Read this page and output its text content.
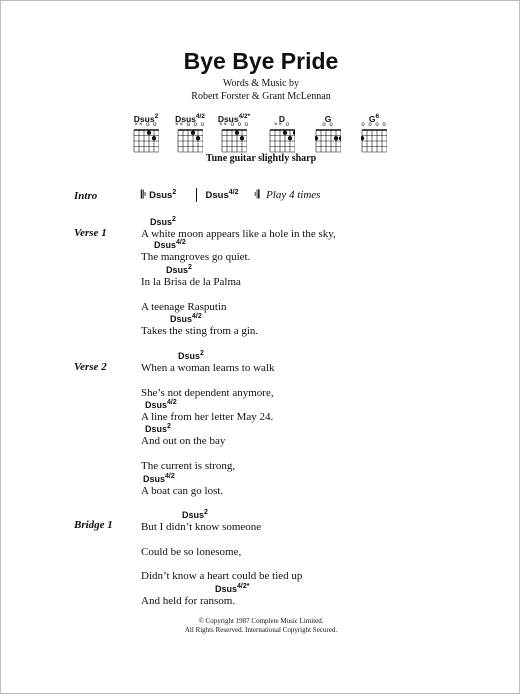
Bye Bye Pride
Words & Music by
Robert Forster & Grant McLennan
Dsus$^2$
×× o o
Dsus$^{4/2}$
×× o o o
Dsus$^{4/2*}$
×× o o o
D
×× o
G
o o
$G^6$
o o o o
Tune guitar slightly sharp
Intro
Verse 1
Verse 2
Bridge 1
𝄆 Dsus$^2$	Dsus$^{4/2}$ 𝄇 Play 4 times
Dsus$^2$
A white moon appears like a hole in the sky,
Dsus$^{4/2}$
The mangroves go quiet.
Dsus$^2$
In la Brisa de la Palma
A teenage Rasputin
Dsus$^{4/2}$
Takes the sting from a gin.
Dsus$^2$
When a woman learns to walk
She’s not dependent anymore,
Dsus$^{4/2}$
A line from her letter May 24.
Dsus$^2$
And out on the bay
The current is strong,
Dsus$^{4/2}$
A boat can go lost.
Dsus$^2$
But I didn’t know someone
Could be so lonesome,
Didn’t know a heart could be tied up
Dsus$^{4/2*}$
And held for ransom.
© Copyright 1987 Complete Music Limited.
All Rights Reserved. International Copyright Secured.
